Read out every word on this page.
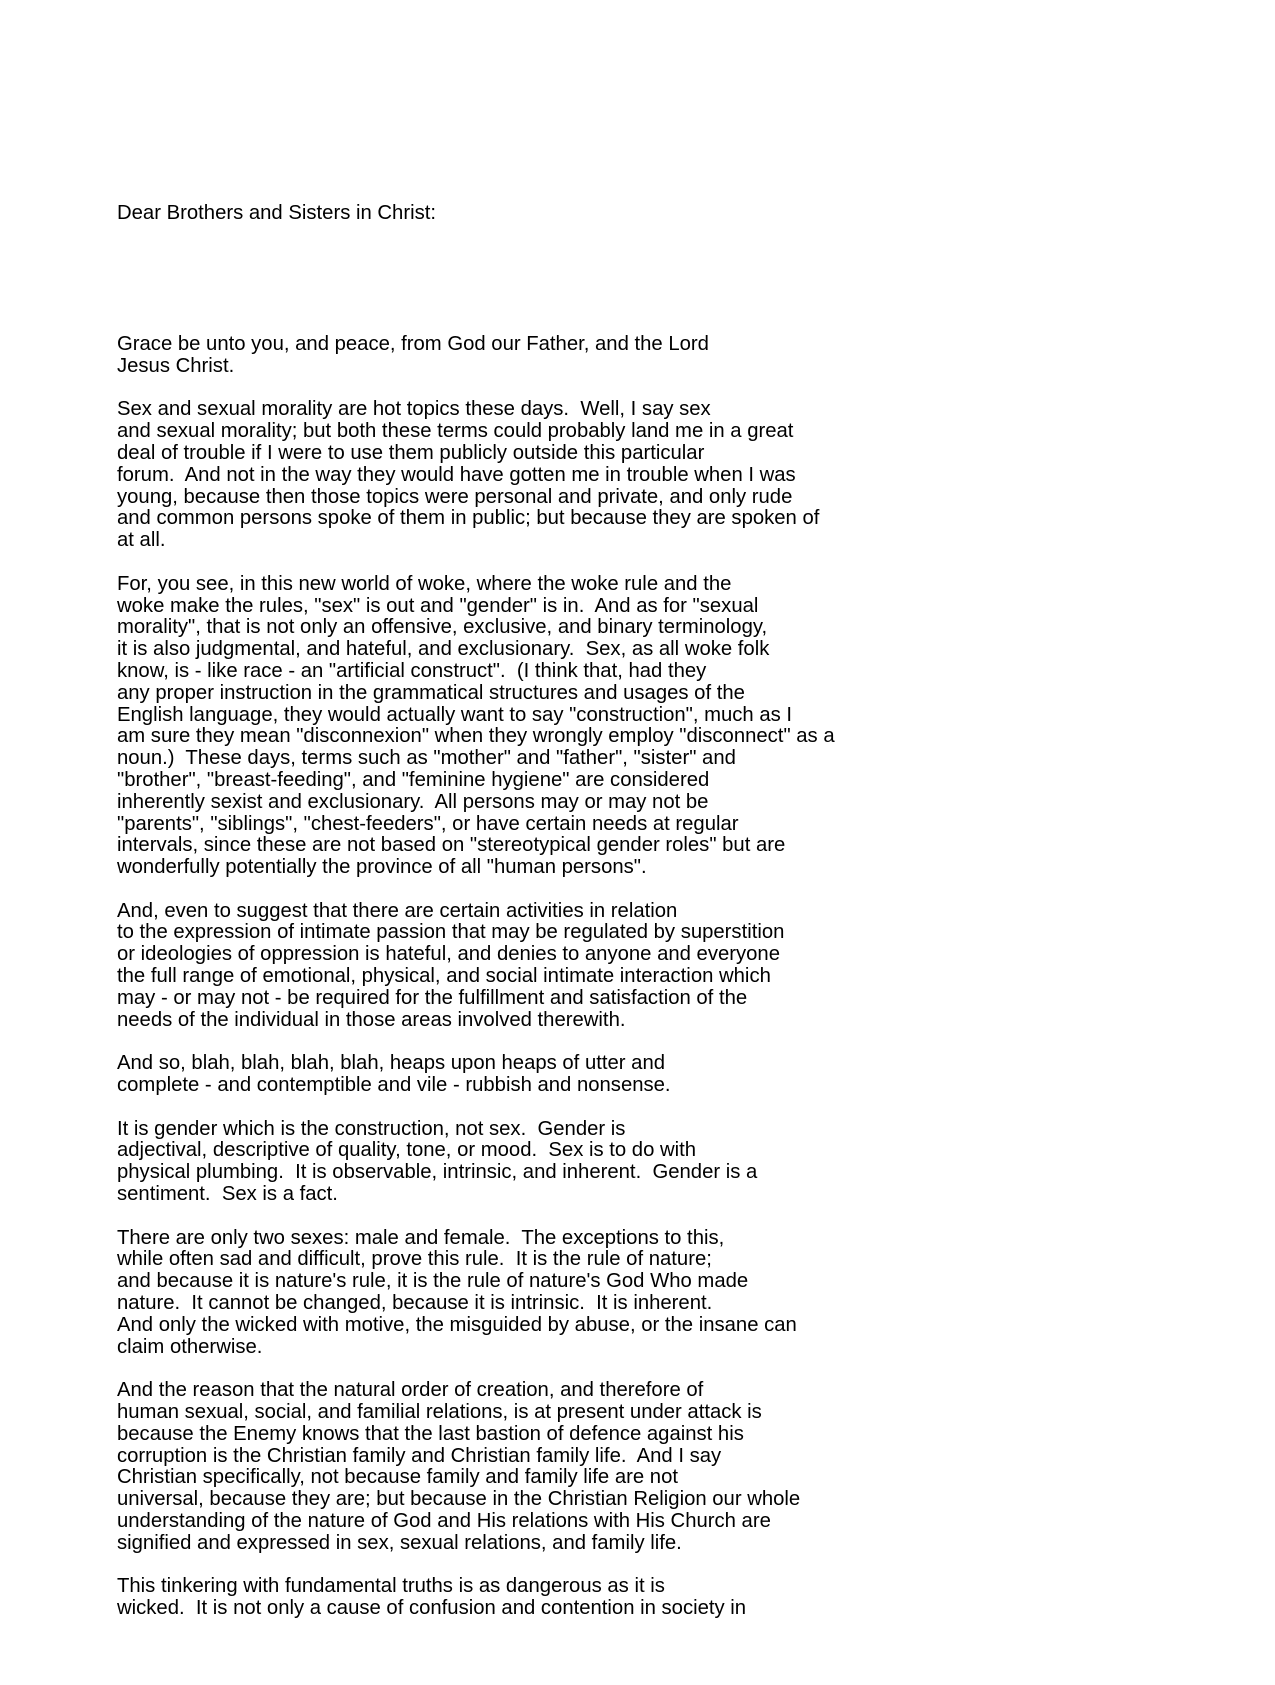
Dear Brothers and Sisters in Christ:

Grace be unto you, and peace, from God our Father, and the Lord
Jesus Christ.
Sex and sexual morality are hot topics these days.  Well, I say sex
and sexual morality; but both these terms could probably land me in a great
deal of trouble if I were to use them publicly outside this particular
forum.  And not in the way they would have gotten me in trouble when I was
young, because then those topics were personal and private, and only rude
and common persons spoke of them in public; but because they are spoken of
at all.
For, you see, in this new world of woke, where the woke rule and the
woke make the rules, "sex" is out and "gender" is in.  And as for "sexual
morality", that is not only an offensive, exclusive, and binary terminology,
it is also judgmental, and hateful, and exclusionary.  Sex, as all woke folk
know, is - like race - an "artificial construct".  (I think that, had they
any proper instruction in the grammatical structures and usages of the
English language, they would actually want to say "construction", much as I
am sure they mean "disconnexion" when they wrongly employ "disconnect" as a
noun.)  These days, terms such as "mother" and "father", "sister" and
"brother", "breast-feeding", and "feminine hygiene" are considered
inherently sexist and exclusionary.  All persons may or may not be
"parents", "siblings", "chest-feeders", or have certain needs at regular
intervals, since these are not based on "stereotypical gender roles" but are
wonderfully potentially the province of all "human persons".
And, even to suggest that there are certain activities in relation
to the expression of intimate passion that may be regulated by superstition
or ideologies of oppression is hateful, and denies to anyone and everyone
the full range of emotional, physical, and social intimate interaction which
may - or may not - be required for the fulfillment and satisfaction of the
needs of the individual in those areas involved therewith.
And so, blah, blah, blah, blah, heaps upon heaps of utter and
complete - and contemptible and vile - rubbish and nonsense.
It is gender which is the construction, not sex.  Gender is
adjectival, descriptive of quality, tone, or mood.  Sex is to do with
physical plumbing.  It is observable, intrinsic, and inherent.  Gender is a
sentiment.  Sex is a fact.
There are only two sexes: male and female.  The exceptions to this,
while often sad and difficult, prove this rule.  It is the rule of nature;
and because it is nature's rule, it is the rule of nature's God Who made
nature.  It cannot be changed, because it is intrinsic.  It is inherent.
And only the wicked with motive, the misguided by abuse, or the insane can
claim otherwise.
And the reason that the natural order of creation, and therefore of
human sexual, social, and familial relations, is at present under attack is
because the Enemy knows that the last bastion of defence against his
corruption is the Christian family and Christian family life.  And I say
Christian specifically, not because family and family life are not
universal, because they are; but because in the Christian Religion our whole
understanding of the nature of God and His relations with His Church are
signified and expressed in sex, sexual relations, and family life.
This tinkering with fundamental truths is as dangerous as it is
wicked.  It is not only a cause of confusion and contention in society in
